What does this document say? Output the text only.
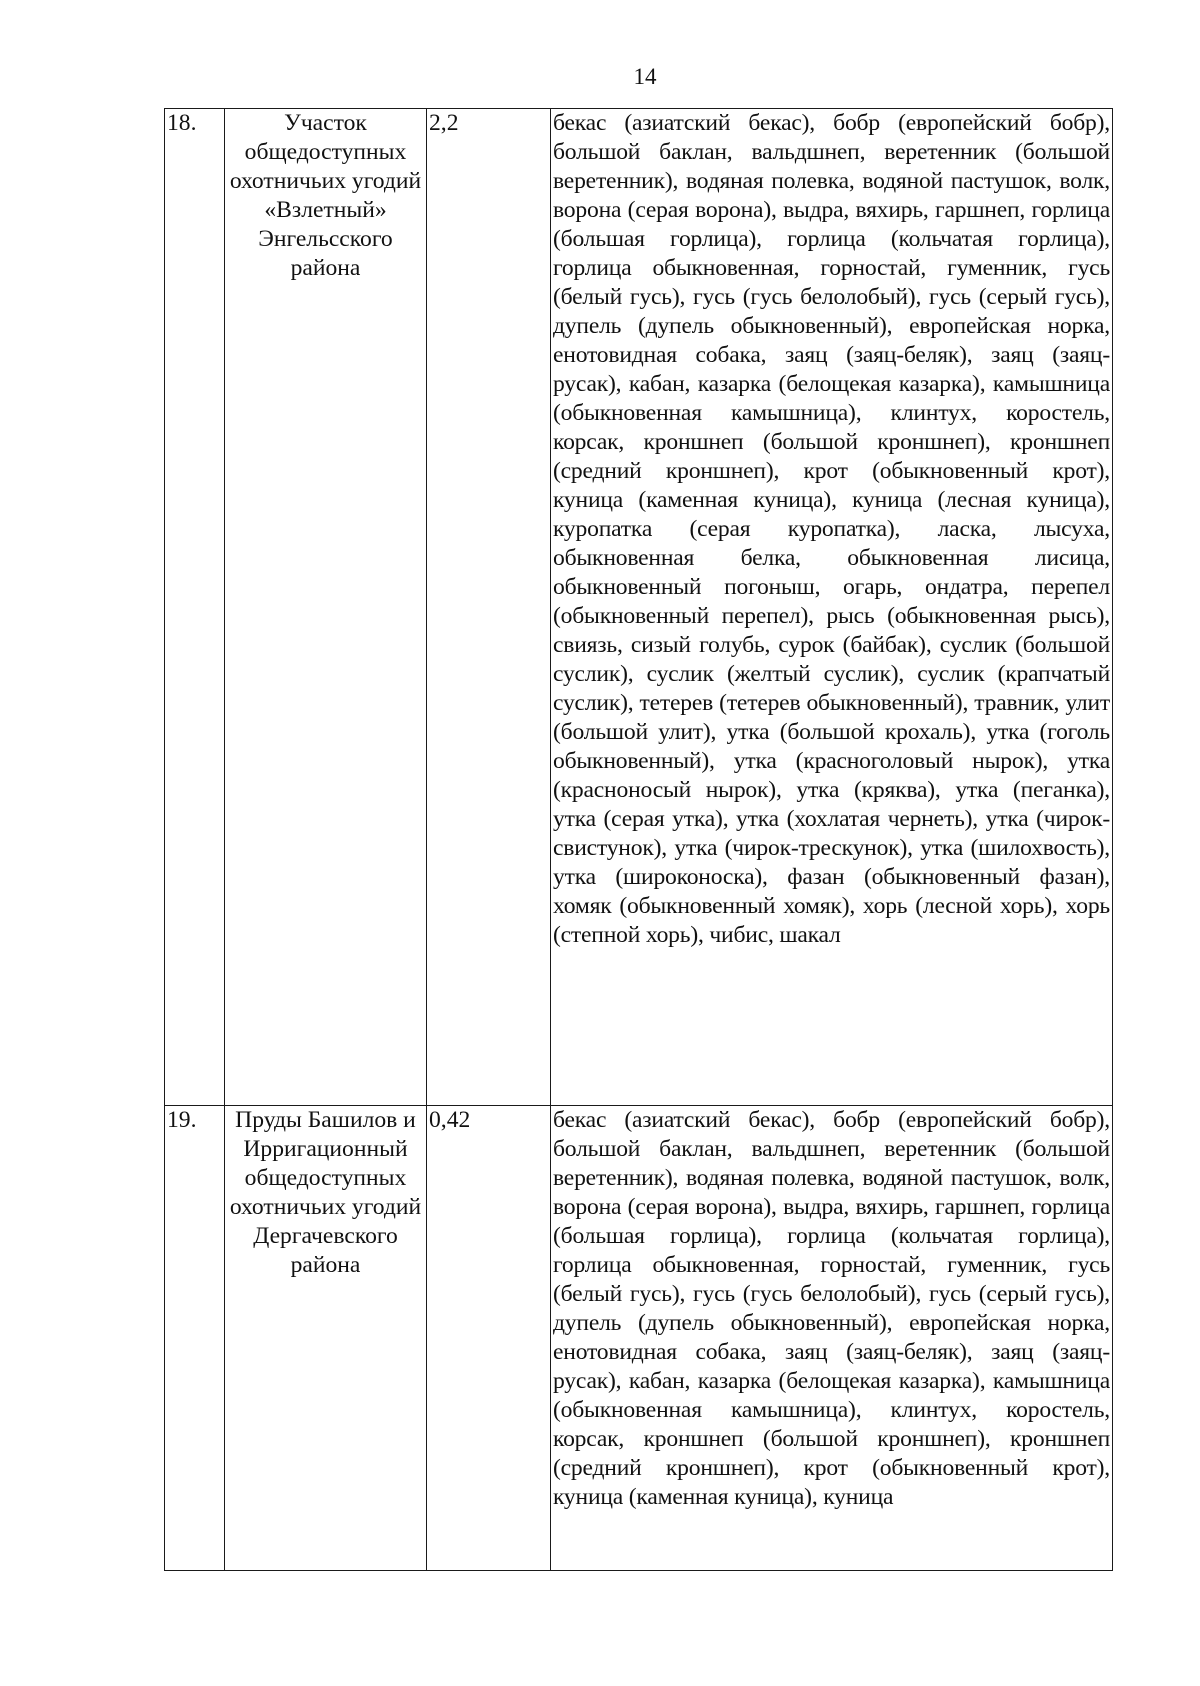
14
18.	Участок общедоступных охотничьих угодий «Взлетный» Энгельсского района	2,2	бекас (азиатский бекас), бобр (европейский бобр), большой баклан, вальдшнеп, веретенник (большой веретенник), водяная полевка, водяной пастушок, волк, ворона (серая ворона), выдра, вяхирь, гаршнеп, горлица (большая горлица), горлица (кольчатая горлица), горлица обыкновенная, горностай, гуменник, гусь (белый гусь), гусь (гусь белолобый), гусь (серый гусь), дупель (дупель обыкновенный), европейская норка, енотовидная собака, заяц (заяц-беляк), заяц (заяц-русак), кабан, казарка (белощекая казарка), камышница (обыкновенная камышница), клинтух, коростель, корсак, кроншнеп (большой кроншнеп), кроншнеп (средний кроншнеп), крот (обыкновенный крот), куница (каменная куница), куница (лесная куница), куропатка (серая куропатка), ласка, лысуха, обыкновенная белка, обыкновенная лисица, обыкновенный погоныш, огарь, ондатра, перепел (обыкновенный перепел), рысь (обыкновенная рысь), свиязь, сизый голубь, сурок (байбак), суслик (большой суслик), суслик (желтый суслик), суслик (крапчатый суслик), тетерев (тетерев обыкновенный), травник, улит (большой улит), утка (большой крохаль), утка (гоголь обыкновенный), утка (красноголовый нырок), утка (красноносый нырок), утка (кряква), утка (пеганка), утка (серая утка), утка (хохлатая чернеть), утка (чирок-свистунок), утка (чирок-трескунок), утка (шилохвость), утка (широконоска), фазан (обыкновенный фазан), хомяк (обыкновенный хомяк), хорь (лесной хорь), хорь (степной хорь), чибис, шакал
19.	Пруды Башилов и Ирригационный общедоступных охотничьих угодий Дергачевского района	0,42	бекас (азиатский бекас), бобр (европейский бобр), большой баклан, вальдшнеп, веретенник (большой веретенник), водяная полевка, водяной пастушок, волк, ворона (серая ворона), выдра, вяхирь, гаршнеп, горлица (большая горлица), горлица (кольчатая горлица), горлица обыкновенная, горностай, гуменник, гусь (белый гусь), гусь (гусь белолобый), гусь (серый гусь), дупель (дупель обыкновенный), европейская норка, енотовидная собака, заяц (заяц-беляк), заяц (заяц-русак), кабан, казарка (белощекая казарка), камышница (обыкновенная камышница), клинтух, коростель, корсак, кроншнеп (большой кроншнеп), кроншнеп (средний кроншнеп), крот (обыкновенный крот), куница (каменная куница), куница
